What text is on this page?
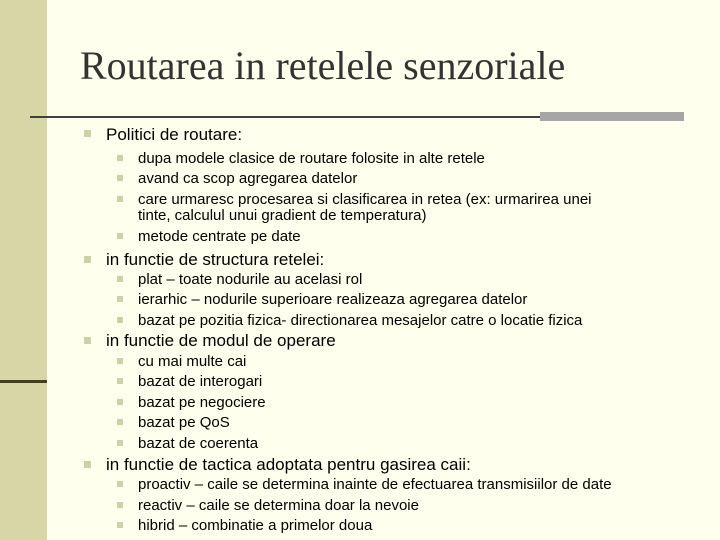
Routarea in retelele senzoriale
Politici de routare:
dupa modele clasice de routare folosite in alte retele
avand ca scop agregarea datelor
care urmaresc procesarea si clasificarea in retea (ex: urmarirea unei
tinte, calculul unui gradient de temperatura)
metode centrate pe date
in functie de structura retelei:
plat – toate nodurile au acelasi rol
ierarhic – nodurile superioare realizeaza agregarea datelor
bazat pe pozitia fizica- directionarea mesajelor catre o locatie fizica
in functie de modul de operare
cu mai multe cai
bazat de interogari
bazat pe negociere
bazat pe QoS
bazat de coerenta
in functie de tactica adoptata pentru gasirea caii:
proactiv – caile se determina inainte de efectuarea transmisiilor de date
reactiv – caile se determina doar la nevoie
hibrid – combinatie a primelor doua
